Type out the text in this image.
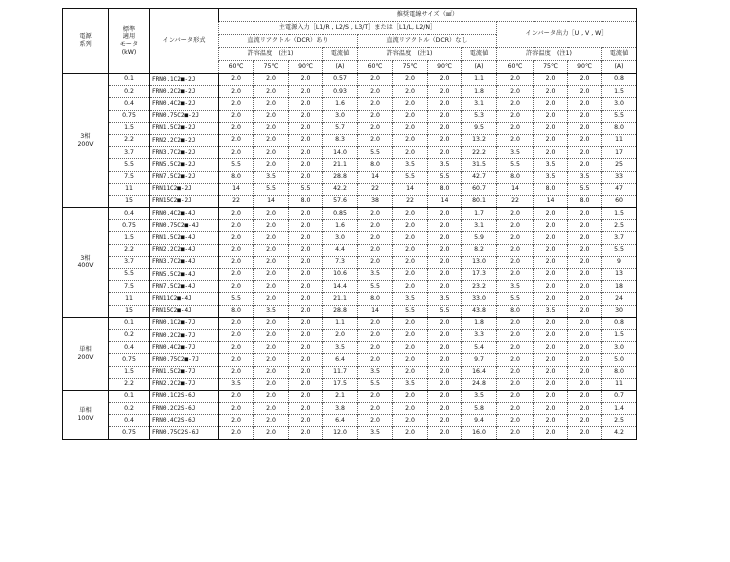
電源
系列	標準
適用
モータ
(kW)	インバータ形式	推奨電線サイズ（㎟）											
			主電源入力［L1/R , L2/S , L3/T］または［L1/L, L2/N］								インバータ出力［U , V , W］			
			直流リアクトル（DCR）あり				直流リアクトル（DCR）なし							
			許容温度　(注1)			電流値	許容温度　(注1)			電流値	許容温度　(注1)			電流値
			60℃	75℃	90℃	(A)	60℃	75℃	90℃	(A)	60℃	75℃	90℃	(A)
3相
200V	0.1	FRN0.1C2■-2J	2.0	2.0	2.0	0.57	2.0	2.0	2.0	1.1	2.0	2.0	2.0	0.8
	0.2	FRN0.2C2■-2J	2.0	2.0	2.0	0.93	2.0	2.0	2.0	1.8	2.0	2.0	2.0	1.5
	0.4	FRN0.4C2■-2J	2.0	2.0	2.0	1.6	2.0	2.0	2.0	3.1	2.0	2.0	2.0	3.0
	0.75	FRN0.75C2■-2J	2.0	2.0	2.0	3.0	2.0	2.0	2.0	5.3	2.0	2.0	2.0	5.5
	1.5	FRN1.5C2■-2J	2.0	2.0	2.0	5.7	2.0	2.0	2.0	9.5	2.0	2.0	2.0	8.0
	2.2	FRN2.2C2■-2J	2.0	2.0	2.0	8.3	2.0	2.0	2.0	13.2	2.0	2.0	2.0	11
	3.7	FRN3.7C2■-2J	2.0	2.0	2.0	14.0	5.5	2.0	2.0	22.2	3.5	2.0	2.0	17
	5.5	FRN5.5C2■-2J	5.5	2.0	2.0	21.1	8.0	3.5	3.5	31.5	5.5	3.5	2.0	25
	7.5	FRN7.5C2■-2J	8.0	3.5	2.0	28.8	14	5.5	5.5	42.7	8.0	3.5	3.5	33
	11	FRN11C2■-2J	14	5.5	5.5	42.2	22	14	8.0	60.7	14	8.0	5.5	47
	15	FRN15C2■-2J	22	14	8.0	57.6	38	22	14	80.1	22	14	8.0	60
3相
400V	0.4	FRN0.4C2■-4J	2.0	2.0	2.0	0.85	2.0	2.0	2.0	1.7	2.0	2.0	2.0	1.5
	0.75	FRN0.75C2■-4J	2.0	2.0	2.0	1.6	2.0	2.0	2.0	3.1	2.0	2.0	2.0	2.5
	1.5	FRN1.5C2■-4J	2.0	2.0	2.0	3.0	2.0	2.0	2.0	5.9	2.0	2.0	2.0	3.7
	2.2	FRN2.2C2■-4J	2.0	2.0	2.0	4.4	2.0	2.0	2.0	8.2	2.0	2.0	2.0	5.5
	3.7	FRN3.7C2■-4J	2.0	2.0	2.0	7.3	2.0	2.0	2.0	13.0	2.0	2.0	2.0	9
	5.5	FRN5.5C2■-4J	2.0	2.0	2.0	10.6	3.5	2.0	2.0	17.3	2.0	2.0	2.0	13
	7.5	FRN7.5C2■-4J	2.0	2.0	2.0	14.4	5.5	2.0	2.0	23.2	3.5	2.0	2.0	18
	11	FRN11C2■-4J	5.5	2.0	2.0	21.1	8.0	3.5	3.5	33.0	5.5	2.0	2.0	24
	15	FRN15C2■-4J	8.0	3.5	2.0	28.8	14	5.5	5.5	43.8	8.0	3.5	2.0	30
単相
200V	0.1	FRN0.1C2■-7J	2.0	2.0	2.0	1.1	2.0	2.0	2.0	1.8	2.0	2.0	2.0	0.8
	0.2	FRN0.2C2■-7J	2.0	2.0	2.0	2.0	2.0	2.0	2.0	3.3	2.0	2.0	2.0	1.5
	0.4	FRN0.4C2■-7J	2.0	2.0	2.0	3.5	2.0	2.0	2.0	5.4	2.0	2.0	2.0	3.0
	0.75	FRN0.75C2■-7J	2.0	2.0	2.0	6.4	2.0	2.0	2.0	9.7	2.0	2.0	2.0	5.0
	1.5	FRN1.5C2■-7J	2.0	2.0	2.0	11.7	3.5	2.0	2.0	16.4	2.0	2.0	2.0	8.0
	2.2	FRN2.2C2■-7J	3.5	2.0	2.0	17.5	5.5	3.5	2.0	24.8	2.0	2.0	2.0	11
単相
100V	0.1	FRN0.1C2S-6J	2.0	2.0	2.0	2.1	2.0	2.0	2.0	3.5	2.0	2.0	2.0	0.7
	0.2	FRN0.2C2S-6J	2.0	2.0	2.0	3.8	2.0	2.0	2.0	5.8	2.0	2.0	2.0	1.4
	0.4	FRN0.4C2S-6J	2.0	2.0	2.0	6.4	2.0	2.0	2.0	9.4	2.0	2.0	2.0	2.5
	0.75	FRN0.75C2S-6J	2.0	2.0	2.0	12.0	3.5	2.0	2.0	16.0	2.0	2.0	2.0	4.2
